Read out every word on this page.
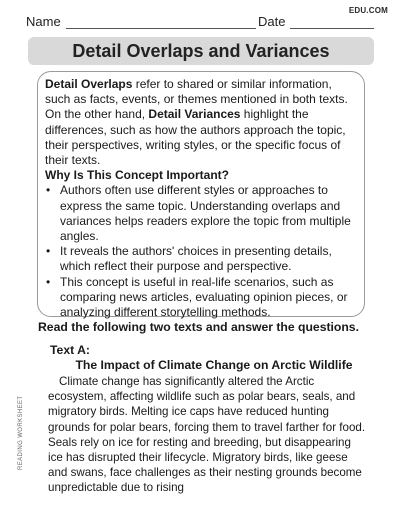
EDU.COM
Name	Date
Detail Overlaps and Variances

Detail Overlaps refer to shared or similar information, such as facts, events, or themes mentioned in both texts. On the other hand, Detail Variances highlight the differences, such as how the authors approach the topic, their perspectives, writing styles, or the specific focus of their texts.

Why Is This Concept Important?

• Authors often use different styles or approaches to express the same topic. Understanding overlaps and variances helps readers explore the topic from multiple angles.
• It reveals the authors' choices in presenting details, which reflect their purpose and perspective.
• This concept is useful in real-life scenarios, such as comparing news articles, evaluating opinion pieces, or analyzing different storytelling methods.
Read the following two texts and answer the questions.
Text A:
The Impact of Climate Change on Arctic Wildlife

Climate change has significantly altered the Arctic ecosystem, affecting wildlife such as polar bears, seals, and migratory birds. Melting ice caps have reduced hunting grounds for polar bears, forcing them to travel farther for food. Seals rely on ice for resting and breeding, but disappearing ice has disrupted their lifecycle. Migratory birds, like geese and swans, face challenges as their nesting grounds become unpredictable due to rising

READING WORKSHEET
